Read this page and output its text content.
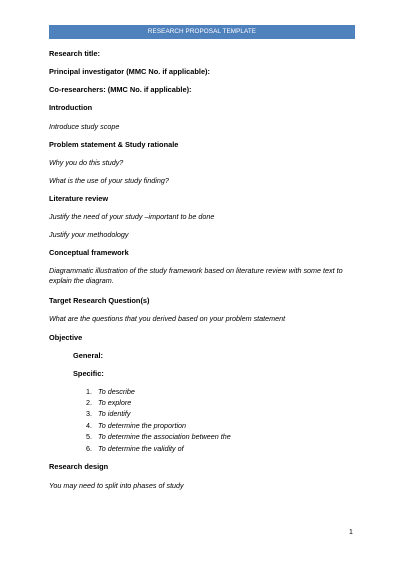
RESEARCH PROPOSAL TEMPLATE
Research title:
Principal investigator (MMC No. if applicable):
Co-researchers: (MMC No. if applicable):
Introduction
Introduce study scope
Problem statement & Study rationale
Why you do this study?
What is the use of your study finding?
Literature review
Justify the need of your study –important to be done
Justify your methodology
Conceptual framework
Diagrammatic illustration of the study framework based on literature review with some text to explain the diagram.
Target Research Question(s)
What are the questions that you derived based on your problem statement
Objective
General:
Specific:
1. To describe
2. To explore
3. To identify
4. To determine the proportion
5. To determine the association between the
6. To determine the validity of
Research design
You may need to split into phases of study
1
